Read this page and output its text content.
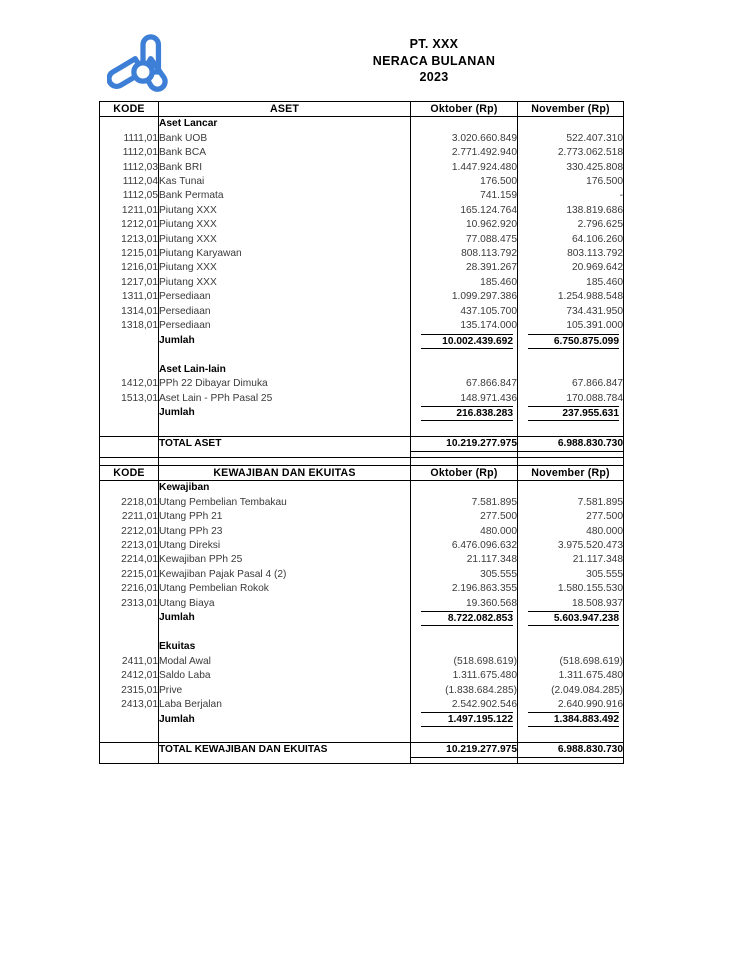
PT. XXX
NERACA BULANAN
2023
KODE	ASET	Oktober (Rp)	November (Rp)
	Aset Lancar		
1111,01	Bank UOB	3.020.660.849	522.407.310
1112,01	Bank BCA	2.771.492.940	2.773.062.518
1112,03	Bank BRI	1.447.924.480	330.425.808
1112,04	Kas Tunai	176.500	176.500
1112,05	Bank Permata	741.159	-
1211,01	Piutang XXX	165.124.764	138.819.686
1212,01	Piutang XXX	10.962.920	2.796.625
1213,01	Piutang XXX	77.088.475	64.106.260
1215,01	Piutang Karyawan	808.113.792	803.113.792
1216,01	Piutang XXX	28.391.267	20.969.642
1217,01	Piutang XXX	185.460	185.460
1311,01	Persediaan	1.099.297.386	1.254.988.548
1314,01	Persediaan	437.105.700	734.431.950
1318,01	Persediaan	135.174.000	105.391.000
	Jumlah	10.002.439.692	6.750.875.099

	Aset Lain-lain		
1412,01	PPh 22 Dibayar Dimuka	67.866.847	67.866.847
1513,01	Aset Lain - PPh Pasal 25	148.971.436	170.088.784
	Jumlah	216.838.283	237.955.631

	TOTAL ASET	10.219.277.975	6.988.830.730

KODE	KEWAJIBAN DAN EKUITAS	Oktober (Rp)	November (Rp)
	Kewajiban		
2218,01	Utang Pembelian Tembakau	7.581.895	7.581.895
2211,01	Utang PPh 21	277.500	277.500
2212,01	Utang PPh 23	480.000	480.000
2213,01	Utang Direksi	6.476.096.632	3.975.520.473
2214,01	Kewajiban PPh 25	21.117.348	21.117.348
2215,01	Kewajiban Pajak Pasal 4 (2)	305.555	305.555
2216,01	Utang Pembelian Rokok	2.196.863.355	1.580.155.530
2313,01	Utang Biaya	19.360.568	18.508.937
	Jumlah	8.722.082.853	5.603.947.238

	Ekuitas		
2411,01	Modal Awal	(518.698.619)	(518.698.619)
2412,01	Saldo Laba	1.311.675.480	1.311.675.480
2315,01	Prive	(1.838.684.285)	(2.049.084.285)
2413,01	Laba Berjalan	2.542.902.546	2.640.990.916
	Jumlah	1.497.195.122	1.384.883.492

	TOTAL KEWAJIBAN DAN EKUITAS	10.219.277.975	6.988.830.730
